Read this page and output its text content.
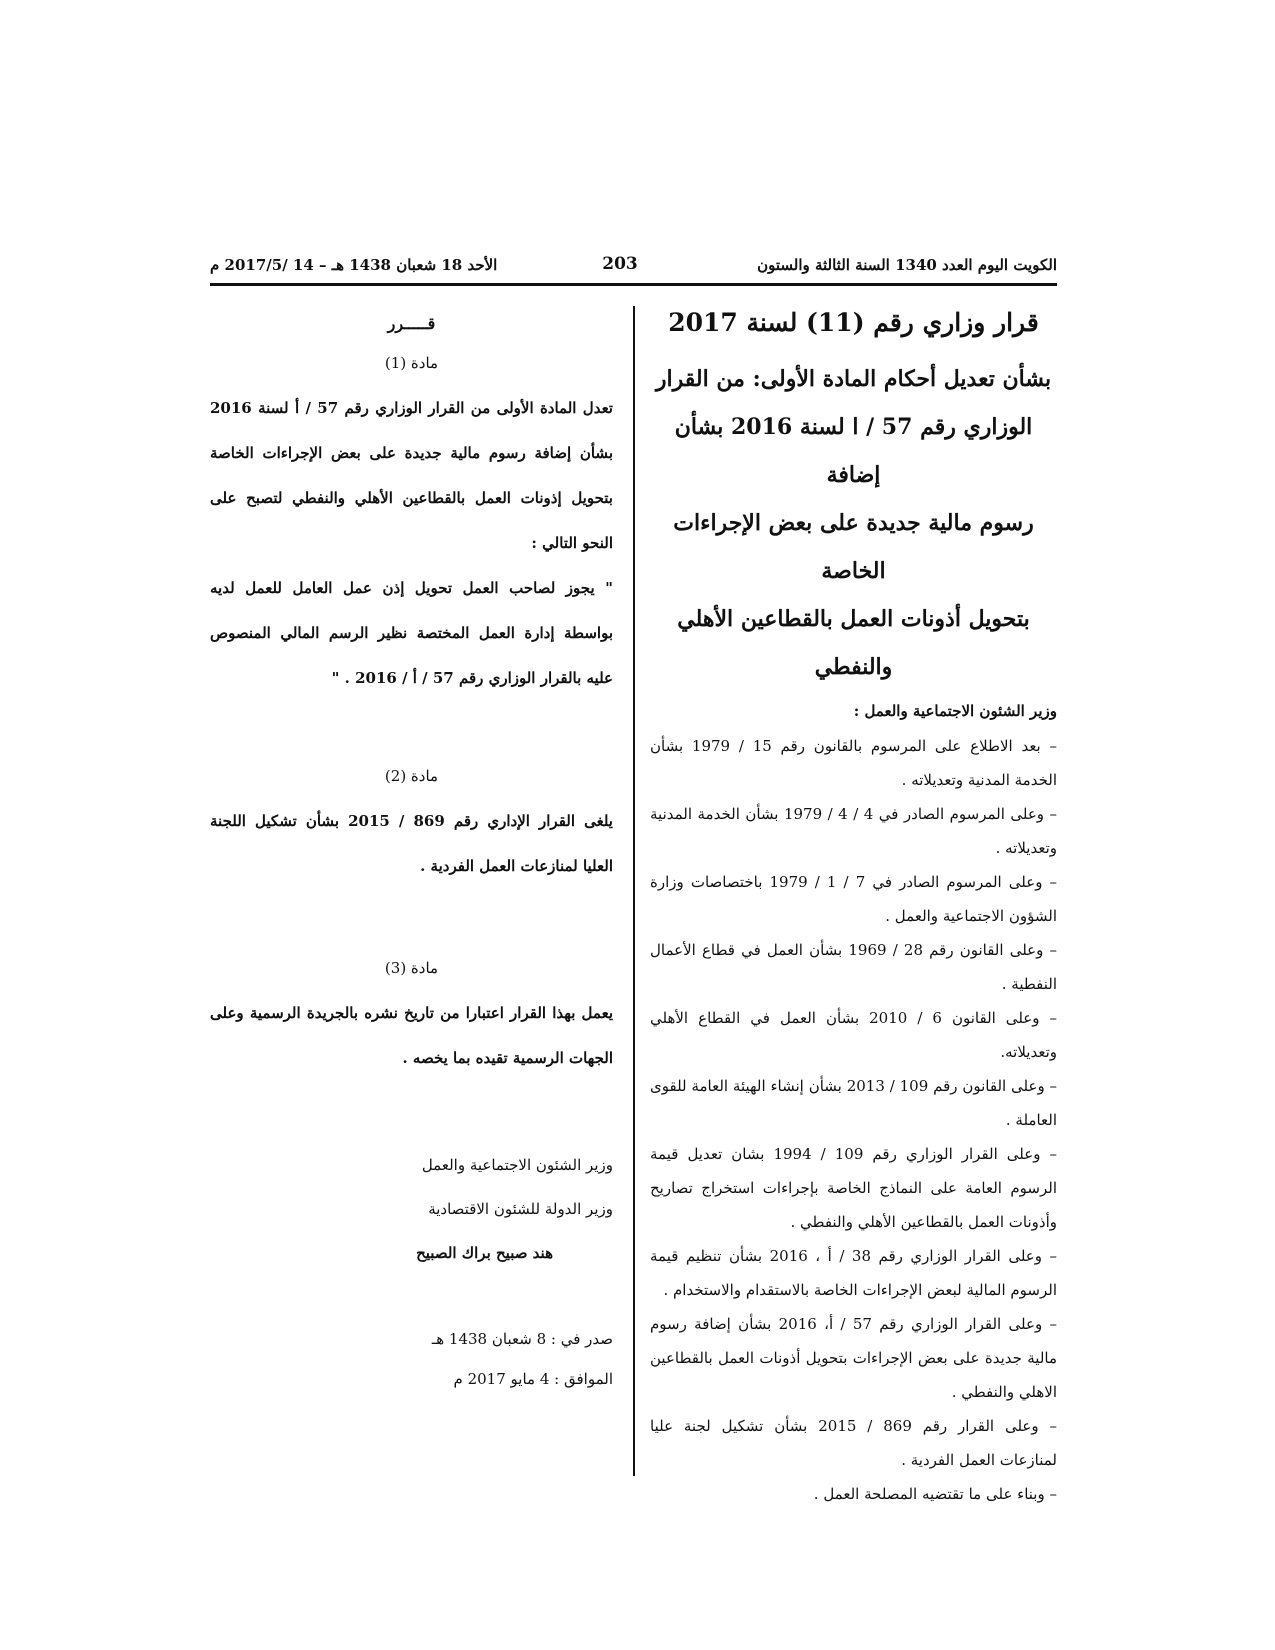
الكويت اليوم العدد 1340 السنة الثالثة والستون
203
الأحد 18 شعبان 1438 هـ – 14 /2017/5 م
قرار وزاري رقم (11) لسنة 2017
بشأن تعديل أحكام المادة الأولى: من القرار
الوزاري رقم 57 / ا لسنة 2016 بشأن إضافة
رسوم مالية جديدة على بعض الإجراءات الخاصة
بتحويل أذونات العمل بالقطاعين الأهلي والنفطي
وزير الشئون الاجتماعية والعمل :

– بعد الاطلاع على المرسوم بالقانون رقم 15 / 1979 بشأن الخدمة المدنية وتعديلاته .

– وعلى المرسوم الصادر في 4 / 4 / 1979 بشأن الخدمة المدنية وتعديلاته .

– وعلى المرسوم الصادر في 7 / 1 / 1979 باختصاصات وزارة الشؤون الاجتماعية والعمل .

– وعلى القانون رقم 28 / 1969 بشأن العمل في قطاع الأعمال النفطية .

– وعلى القانون 6 / 2010 بشأن العمل في القطاع الأهلي وتعديلاته.

– وعلى القانون رقم 109 / 2013 بشأن إنشاء الهيئة العامة للقوى العاملة .

– وعلى القرار الوزاري رقم 109 / 1994 بشان تعديل قيمة الرسوم العامة على النماذج الخاصة بإجراءات استخراج تصاريح وأذونات العمل بالقطاعين الأهلي والنفطي .

– وعلى القرار الوزاري رقم 38 / أ ، 2016 بشأن تنظيم قيمة الرسوم المالية لبعض الإجراءات الخاصة بالاستقدام والاستخدام .

– وعلى القرار الوزاري رقم 57 / أ، 2016 بشأن إضافة رسوم مالية جديدة على بعض الإجراءات بتحويل أذونات العمل بالقطاعين الاهلي والنفطي .

– وعلى القرار رقم 869 / 2015 بشأن تشكيل لجنة عليا لمنازعات العمل الفردية .

– وبناء على ما تقتضيه المصلحة العمل .

قـــــرر
مادة (1)

تعدل المادة الأولى من القرار الوزاري رقم 57 / أ لسنة 2016 بشأن إضافة رسوم مالية جديدة على بعض الإجراءات الخاصة بتحويل إذونات العمل بالقطاعين الأهلي والنفطي لتصبح على النحو التالي :

" يجوز لصاحب العمل تحويل إذن عمل العامل للعمل لديه بواسطة إدارة العمل المختصة نظير الرسم المالي المنصوص عليه بالقرار الوزاري رقم 57 / أ / 2016 . "

مادة (2)

يلغى القرار الإداري رقم 869 / 2015 بشأن تشكيل اللجنة العليا لمنازعات العمل الفردية .

مادة (3)

يعمل بهذا القرار اعتبارا من تاريخ نشره بالجريدة الرسمية وعلى الجهات الرسمية تقيده بما يخصه .

وزير الشئون الاجتماعية والعمل

وزير الدولة للشئون الاقتصادية

هند صبيح براك الصبيح

صدر في : 8 شعبان 1438 هـ

الموافق : 4 مايو 2017 م
